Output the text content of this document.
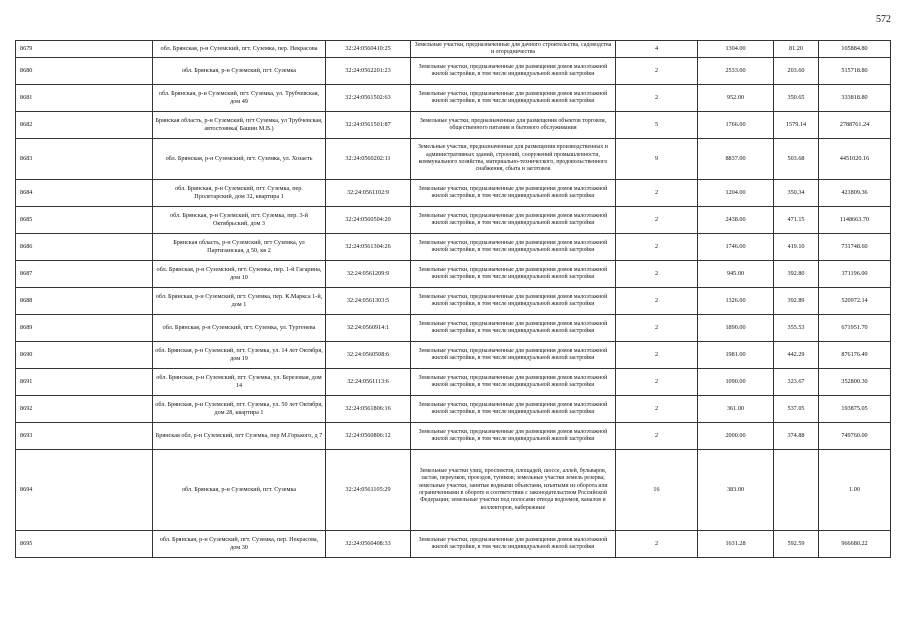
572
8679	обл. Брянская, р-н Суземский, пгт. Суземка, пер. Некрасова	32:24:0560410:25	Земельные участки, предназначенные для дачного строительства, садоводства и огородничества	4	1304.00	81.20	105884.80
8680	обл. Брянская, р-н Суземский, пгт. Суземка	32:24:0562201:23	Земельные участки, предназначенные для размещения домов малоэтажной жилой застройки, в том числе индивидуальной жилой застройки	2	2533.00	203.60	515718.80
8681	обл. Брянская, р-н Суземский, пгт. Суземка, ул. Трубчевская, дом 49	32:24:0561502:63	Земельные участки, предназначенные для размещения домов малоэтажной жилой застройки, в том числе индивидуальной жилой застройки	2	952.00	350.65	333818.80
8682	Брянская область, р-н Суземский, пгт Суземка, ул Трубчевская, автостоянка( Башин М.В.)	32:24:0561501:87	Земельные участки, предназначенные для размещения объектов торговли, общественного питания и бытового обслуживания	5	1766.00	1579.14	2788761.24
8683	обл. Брянская, р-н Суземский, пгт. Суземка, ул. Хозаеть	32:24:0560202:11	Земельные участки, предназначенные для размещения производственных и административных зданий, строений, сооружений промышленности, коммунального хозяйства, материально-технического, продовольственного снабжения, сбыта и заготовок	9	8837.00	503.68	4451020.16
8684	обл. Брянская, р-н Суземский, пгт. Суземка, пер. Пролетарский, дом 32, квартира 1	32:24:0561102:9	Земельные участки, предназначенные для размещения домов малоэтажной жилой застройки, в том числе индивидуальной жилой застройки	2	1204.00	350.34	421809.36
8685	обл. Брянская, р-н Суземский, пгт. Суземка, пер. 3-й Октябрьский, дом 3	32:24:0560504:20	Земельные участки, предназначенные для размещения домов малоэтажной жилой застройки, в том числе индивидуальной жилой застройки	2	2438.00	471.15	1148663.70
8686	Брянская область, р-н Суземский, пгт Суземка, ул Партизанская, д 50, кв 2	32:24:0561304:26	Земельные участки, предназначенные для размещения домов малоэтажной жилой застройки, в том числе индивидуальной жилой застройки	2	1746.00	419.10	731748.60
8687	обл. Брянская, р-н Суземский, пгт. Суземка, пер. 1-й Гагарина, дом 10	32:24:0561209:9	Земельные участки, предназначенные для размещения домов малоэтажной жилой застройки, в том числе индивидуальной жилой застройки	2	945.00	392.80	371196.00
8688	обл. Брянская, р-н Суземский, пгт. Суземка, пер. К.Маркса 1-й, дом 1	32:24:0561303:5	Земельные участки, предназначенные для размещения домов малоэтажной жилой застройки, в том числе индивидуальной жилой застройки	2	1326.00	392.89	520972.14
8689	обл. Брянская, р-н Суземский, пгт. Суземка, ул. Тургенева	32:24:0560914:1	Земельные участки, предназначенные для размещения домов малоэтажной жилой застройки, в том числе индивидуальной жилой застройки	2	1890.00	355.53	671951.70
8690	обл. Брянская, р-н Суземский, пгт. Суземка, ул. 14 лет Октября, дом 19	32:24:0560508:6	Земельные участки, предназначенные для размещения домов малоэтажной жилой застройки, в том числе индивидуальной жилой застройки	2	1981.00	442.29	876176.49
8691	обл. Брянская, р-н Суземский, пгт. Суземка, ул. Березовая, дом 14	32:24:0561113:6	Земельные участки, предназначенные для размещения домов малоэтажной жилой застройки, в том числе индивидуальной жилой застройки	2	1090.00	323.67	352800.30
8692	обл. Брянская, р-н Суземский, пгт. Суземка, ул. 50 лет Октября, дом 28, квартира 1	32:24:0561806:16	Земельные участки, предназначенные для размещения домов малоэтажной жилой застройки, в том числе индивидуальной жилой застройки	2	361.00	537.05	193875.05
8693	Брянская обл, р-н Суземский, пгт Суземка, пер М.Горького, д 7	32:24:0560806:12	Земельные участки, предназначенные для размещения домов малоэтажной жилой застройки, в том числе индивидуальной жилой застройки	2	2000.00	374.88	749760.00
8694	обл. Брянская, р-н Суземский, пгт. Суземка	32:24:0561105:29	Земельные участки улиц, проспектов, площадей, шоссе, аллей, бульваров, застав, переулков, проездов, тупиков; земельные участки земель резерва; земельные участки, занятые водными объектами, изъятыми из оборота или ограниченными в обороте в соответствии с законодательством Российской Федерации; земельные участки под полосами отвода водоемов, каналов и коллекторов, набережные	16	383.00		1.00
8695	обл. Брянская, р-н Суземский, пгт. Суземка, пер. Некрасова, дом 30	32:24:0560408:33	Земельные участки, предназначенные для размещения домов малоэтажной жилой застройки, в том числе индивидуальной жилой застройки	2	1631.28	592.59	966680.22
